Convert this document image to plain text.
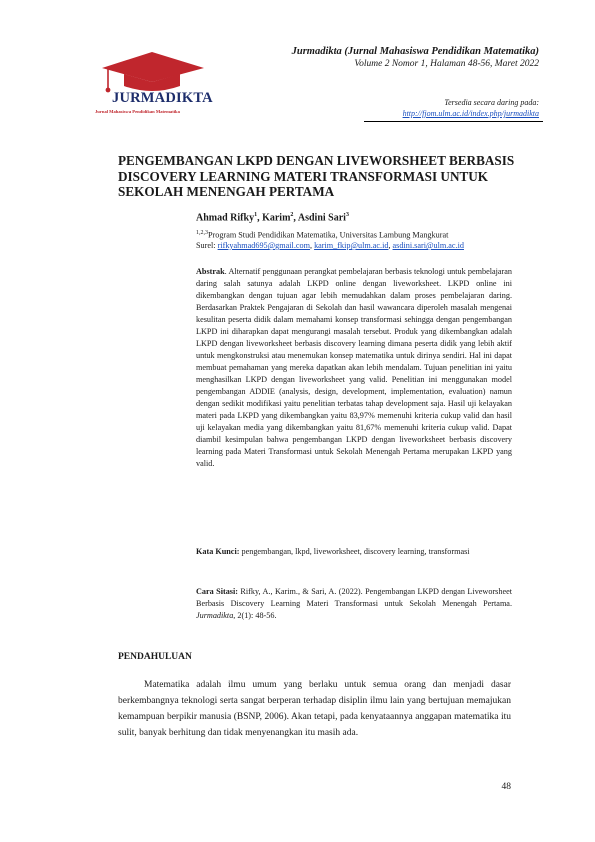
JURMADIKTA
Jurnal Mahasiswa Pendidikan Matematika
Jurmadikta (Jurnal Mahasiswa Pendidikan Matematika)
Volume 2 Nomor 1, Halaman 48-56, Maret 2022
Tersedia secara daring pada:
http://fjom.ulm.ac.id/index.php/jurmadikta
PENGEMBANGAN LKPD DENGAN LIVEWORSHEET BERBASIS DISCOVERY LEARNING MATERI TRANSFORMASI UNTUK SEKOLAH MENENGAH PERTAMA
Ahmad Rifky$^1$, Karim$^2$, Asdini Sari$^3$
$^{1,2,3}$Program Studi Pendidikan Matematika, Universitas Lambung Mangkurat
Surel: rifkyahmad695@gmail.com, karim_fkip@ulm.ac.id, asdini.sari@ulm.ac.id

Abstrak. Alternatif penggunaan perangkat pembelajaran berbasis teknologi untuk pembelajaran daring salah satunya adalah LKPD online dengan liveworksheet. LKPD online ini dikembangkan dengan tujuan agar lebih memudahkan dalam proses pembelajaran daring. Berdasarkan Praktek Pengajaran di Sekolah dan hasil wawancara diperoleh masalah mengenai kesulitan peserta didik dalam memahami konsep transformasi sehingga dengan pengembangan LKPD ini diharapkan dapat mengurangi masalah tersebut. Produk yang dikembangkan adalah LKPD dengan liveworksheet berbasis discovery learning dimana peserta didik yang lebih aktif untuk mengkonstruksi atau menemukan konsep matematika untuk dirinya sendiri. Hal ini dapat membuat pemahaman yang mereka dapatkan akan lebih mendalam. Tujuan penelitian ini yaitu menghasilkan LKPD dengan liveworksheet yang valid. Penelitian ini menggunakan model pengembangan ADDIE (analysis, design, development, implementation, evaluation) namun dengan sedikit modifikasi yaitu penelitian terbatas tahap development saja. Hasil uji kelayakan materi pada LKPD yang dikembangkan yaitu 83,97% memenuhi kriteria cukup valid dan hasil uji kelayakan media yang dikembangkan yaitu 81,67% memenuhi kriteria cukup valid. Dapat diambil kesimpulan bahwa pengembangan LKPD dengan liveworksheet berbasis discovery learning pada Materi Transformasi untuk Sekolah Menengah Pertama merupakan LKPD yang valid.

Kata Kunci: pengembangan, lkpd, liveworksheet, discovery learning, transformasi

Cara Sitasi: Rifky, A., Karim., & Sari, A. (2022). Pengembangan LKPD dengan Liveworsheet Berbasis Discovery Learning Materi Transformasi untuk Sekolah Menengah Pertama. Jurmadikta, 2(1): 48-56.

PENDAHULUAN

Matematika adalah ilmu umum yang berlaku untuk semua orang dan menjadi dasar berkembangnya teknologi serta sangat berperan terhadap disiplin ilmu lain yang bertujuan memajukan kemampuan berpikir manusia (BSNP, 2006). Akan tetapi, pada kenyataannya anggapan matematika itu sulit, banyak berhitung dan tidak menyenangkan itu masih ada.

48
